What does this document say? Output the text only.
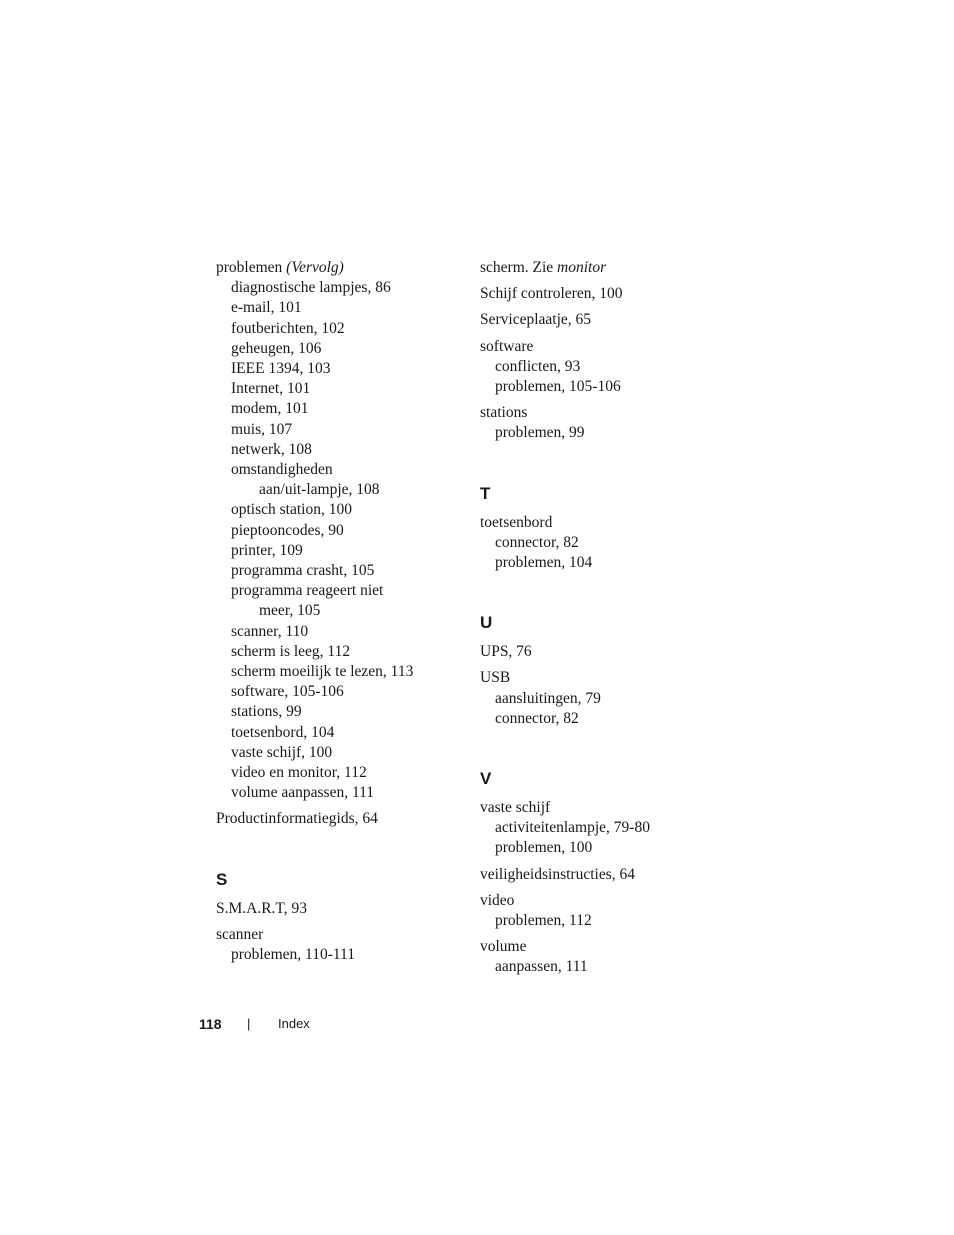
problemen (Vervolg)
diagnostische lampjes, 86
e-mail, 101
foutberichten, 102
geheugen, 106
IEEE 1394, 103
Internet, 101
modem, 101
muis, 107
netwerk, 108
omstandigheden
aan/uit-lampje, 108
optisch station, 100
pieptooncodes, 90
printer, 109
programma crasht, 105
programma reageert niet
meer, 105
scanner, 110
scherm is leeg, 112
scherm moeilijk te lezen, 113
software, 105-106
stations, 99
toetsenbord, 104
vaste schijf, 100
video en monitor, 112
volume aanpassen, 111
Productinformatiegids, 64
S
S.M.A.R.T, 93
scanner
problemen, 110-111
scherm. Zie monitor
Schijf controleren, 100
Serviceplaatje, 65
software
conflicten, 93
problemen, 105-106
stations
problemen, 99
T
toetsenbord
connector, 82
problemen, 104
U
UPS, 76
USB
aansluitingen, 79
connector, 82
V
vaste schijf
activiteitenlampje, 79-80
problemen, 100
veiligheidsinstructies, 64
video
problemen, 112
volume
aanpassen, 111
118 | Index
